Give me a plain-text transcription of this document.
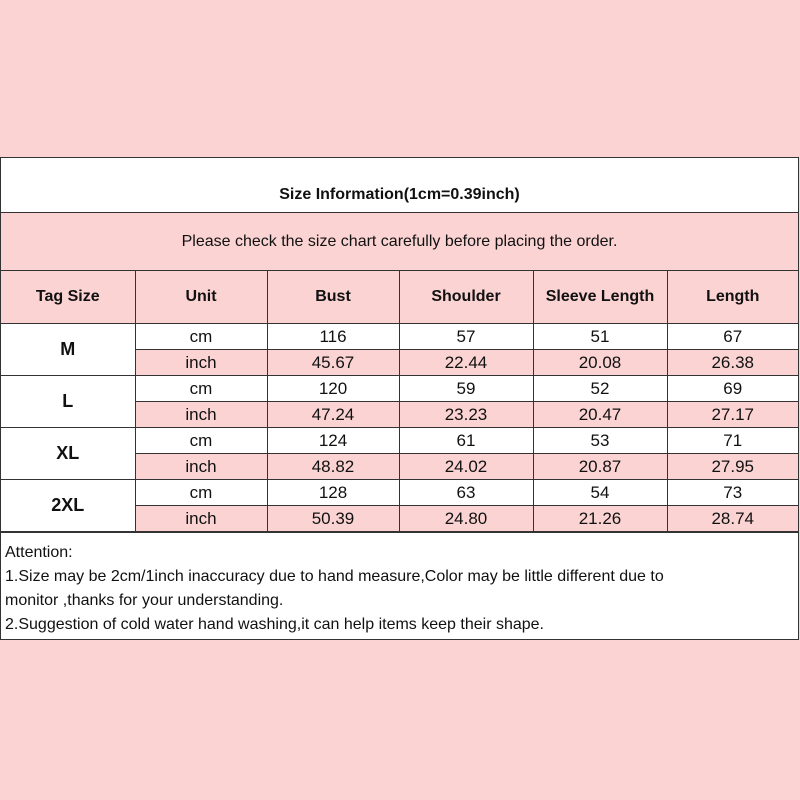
Size Information(1cm=0.39inch)
Please check the size chart carefully before placing the order.
Tag Size	Unit	Bust	Shoulder	Sleeve Length	Length
M	cm	116	57	51	67
	inch	45.67	22.44	20.08	26.38
L	cm	120	59	52	69
	inch	47.24	23.23	20.47	27.17
XL	cm	124	61	53	71
	inch	48.82	24.02	20.87	27.95
2XL	cm	128	63	54	73
	inch	50.39	24.80	21.26	28.74
Attention:
1.Size may be 2cm/1inch inaccuracy due to hand measure,Color may be little different due to
monitor ,thanks for your understanding.
2.Suggestion of cold water hand washing,it can help items keep their shape.
